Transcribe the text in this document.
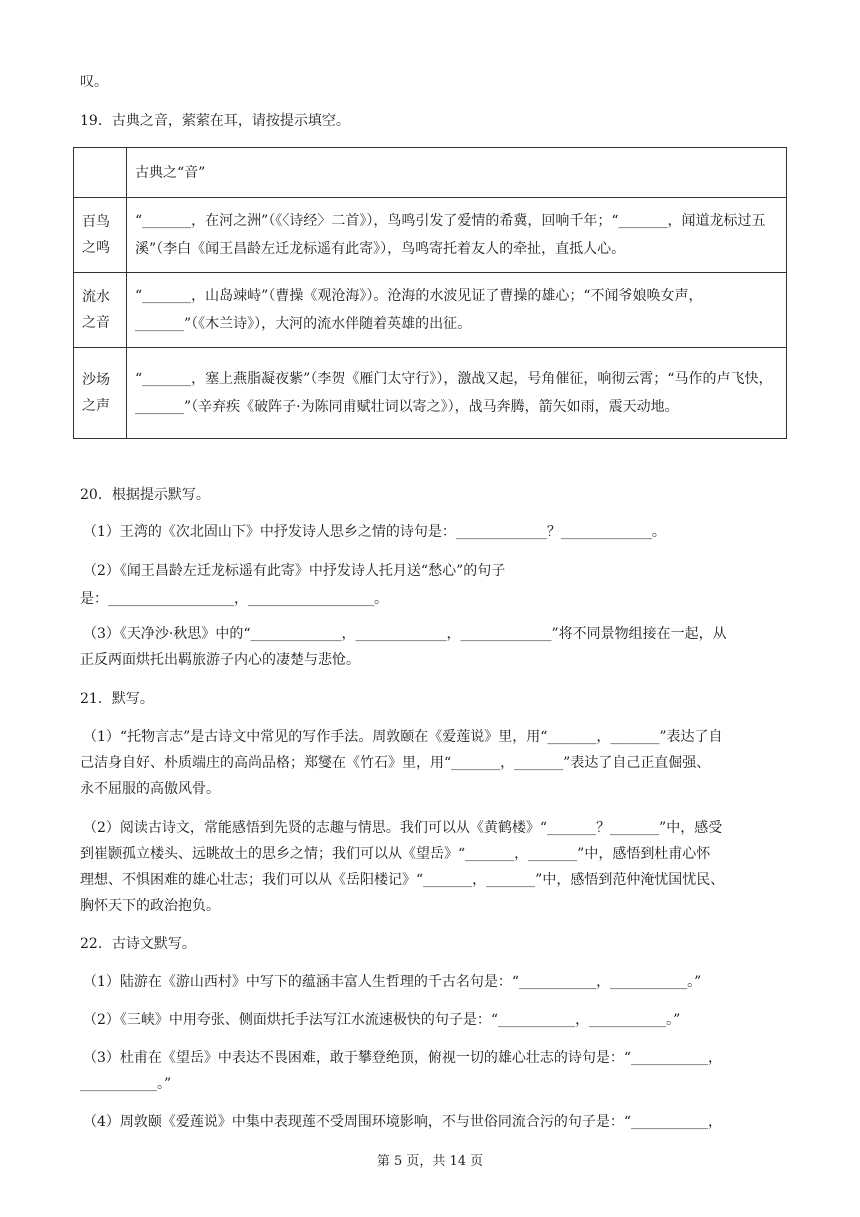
叹。
19．古典之音，萦萦在耳，请按提示填空。
	古典之“音”

百鸟
之鸣	“_______，在河之洲”（《〈诗经〉二首》），鸟鸣引发了爱情的希冀，回响千年；“_______，闻道龙标过五溪”（李白《闻王昌龄左迁龙标遥有此寄》），鸟鸣寄托着友人的牵扯，直抵人心。

流水
之音	“_______，山岛竦峙”（曹操《观沧海》）。沧海的水波见证了曹操的雄心；“不闻爷娘唤女声，_______”（《木兰诗》），大河的流水伴随着英雄的出征。

沙场
之声	“_______，塞上燕脂凝夜紫”（李贺《雁门太守行》），激战又起，号角催征，响彻云霄；“马作的卢飞快，_______”（辛弃疾《破阵子·为陈同甫赋壮词以寄之》），战马奔腾，箭矢如雨，震天动地。
20．根据提示默写。
（1）王湾的《次北固山下》中抒发诗人思乡之情的诗句是：_____________？_____________。
（2）《闻王昌龄左迁龙标遥有此寄》中抒发诗人托月送“愁心”的句子
是：__________________，__________________。
（3）《天净沙·秋思》中的“_____________，_____________，_____________”将不同景物组接在一起，从
正反两面烘托出羁旅游子内心的凄楚与悲怆。
21．默写。
（1）“托物言志”是古诗文中常见的写作手法。周敦颐在《爱莲说》里，用“_______，_______”表达了自
己洁身自好、朴质端庄的高尚品格；郑燮在《竹石》里，用“_______，_______”表达了自己正直倔强、
永不屈服的高傲风骨。
（2）阅读古诗文，常能感悟到先贤的志趣与情思。我们可以从《黄鹤楼》“_______？_______”中，感受
到崔颢孤立楼头、远眺故土的思乡之情；我们可以从《望岳》“_______，_______”中，感悟到杜甫心怀
理想、不惧困难的雄心壮志；我们可以从《岳阳楼记》“_______，_______”中，感悟到范仲淹忧国忧民、
胸怀天下的政治抱负。
22．古诗文默写。
（1）陆游在《游山西村》中写下的蕴涵丰富人生哲理的千古名句是：“___________，___________。”
（2）《三峡》中用夸张、侧面烘托手法写江水流速极快的句子是：“___________，___________。”
（3）杜甫在《望岳》中表达不畏困难，敢于攀登绝顶，俯视一切的雄心壮志的诗句是：“___________，
___________。”
（4）周敦颐《爱莲说》中集中表现莲不受周围环境影响，不与世俗同流合污的句子是：“___________，
第 5 页，共 14 页
